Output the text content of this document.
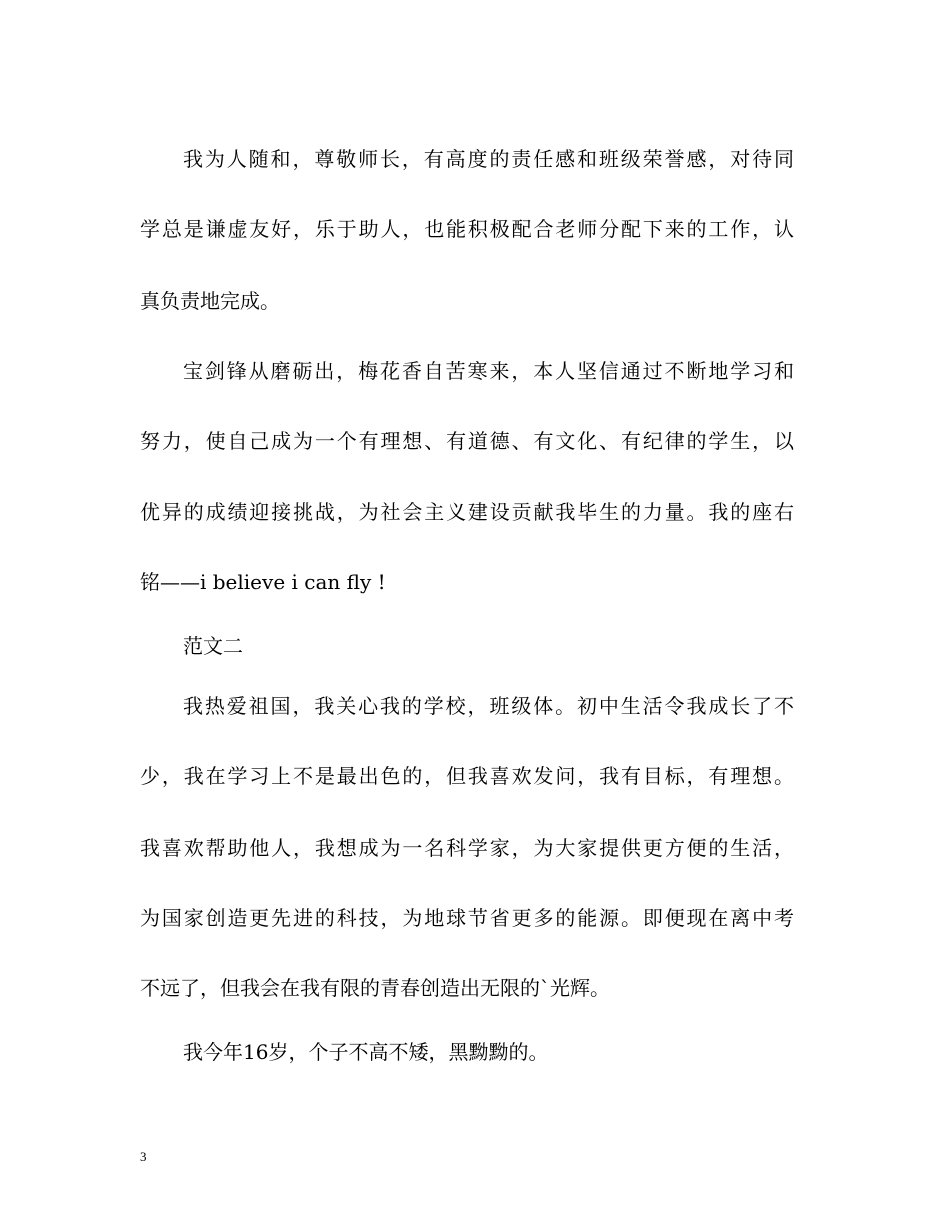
我为人随和，尊敬师长，有高度的责任感和班级荣誉感，对待同
学总是谦虚友好，乐于助人，也能积极配合老师分配下来的工作，认
真负责地完成。
宝剑锋从磨砺出，梅花香自苦寒来，本人坚信通过不断地学习和
努力，使自己成为一个有理想、有道德、有文化、有纪律的学生，以
优异的成绩迎接挑战，为社会主义建设贡献我毕生的力量。我的座右
铭——i believe i can fly !
范文二
我热爱祖国，我关心我的学校，班级体。初中生活令我成长了不
少，我在学习上不是最出色的，但我喜欢发问，我有目标，有理想。
我喜欢帮助他人，我想成为一名科学家，为大家提供更方便的生活，
为国家创造更先进的科技，为地球节省更多的能源。即便现在离中考
不远了，但我会在我有限的青春创造出无限的`光辉。
我今年16岁，个子不高不矮，黑黝黝的。
3
